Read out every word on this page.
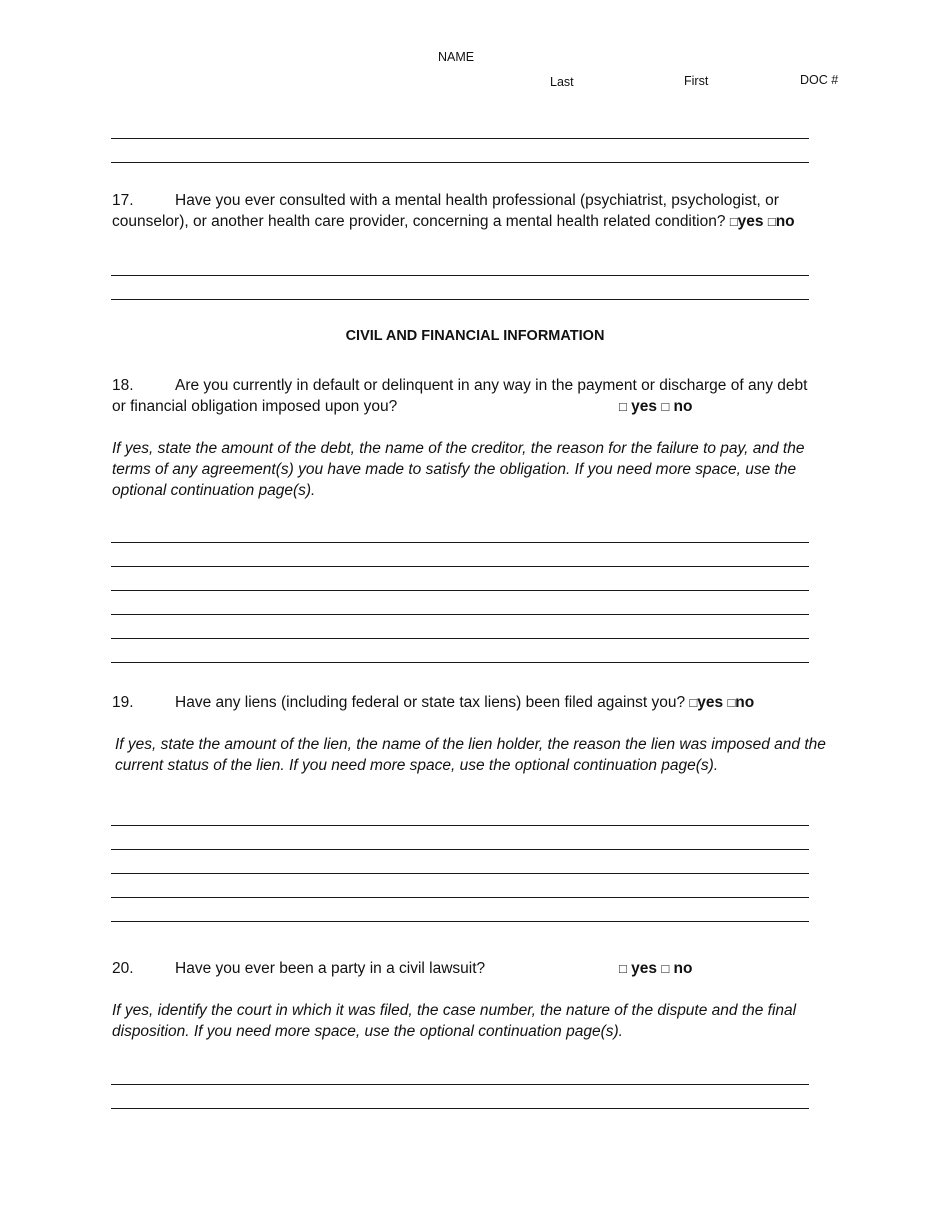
NAME
Last	First	DOC #
17.	Have you ever consulted with a mental health professional (psychiatrist, psychologist, or
counselor), or another health care provider, concerning a mental health related condition? □yes □no
CIVIL AND FINANCIAL INFORMATION
18.	Are you currently in default or delinquent in any way in the payment or discharge of any debt
or financial obligation imposed upon you?	□ yes □ no
If yes, state the amount of the debt, the name of the creditor, the reason for the failure to pay, and the terms of any agreement(s) you have made to satisfy the obligation. If you need more space, use the optional continuation page(s).
19.	Have any liens (including federal or state tax liens) been filed against you? □yes □no
If yes, state the amount of the lien, the name of the lien holder, the reason the lien was imposed and the current status of the lien. If you need more space, use the optional continuation page(s).
20.	Have you ever been a party in a civil lawsuit?	□ yes □ no
If yes, identify the court in which it was filed, the case number, the nature of the dispute and the final disposition. If you need more space, use the optional continuation page(s).
